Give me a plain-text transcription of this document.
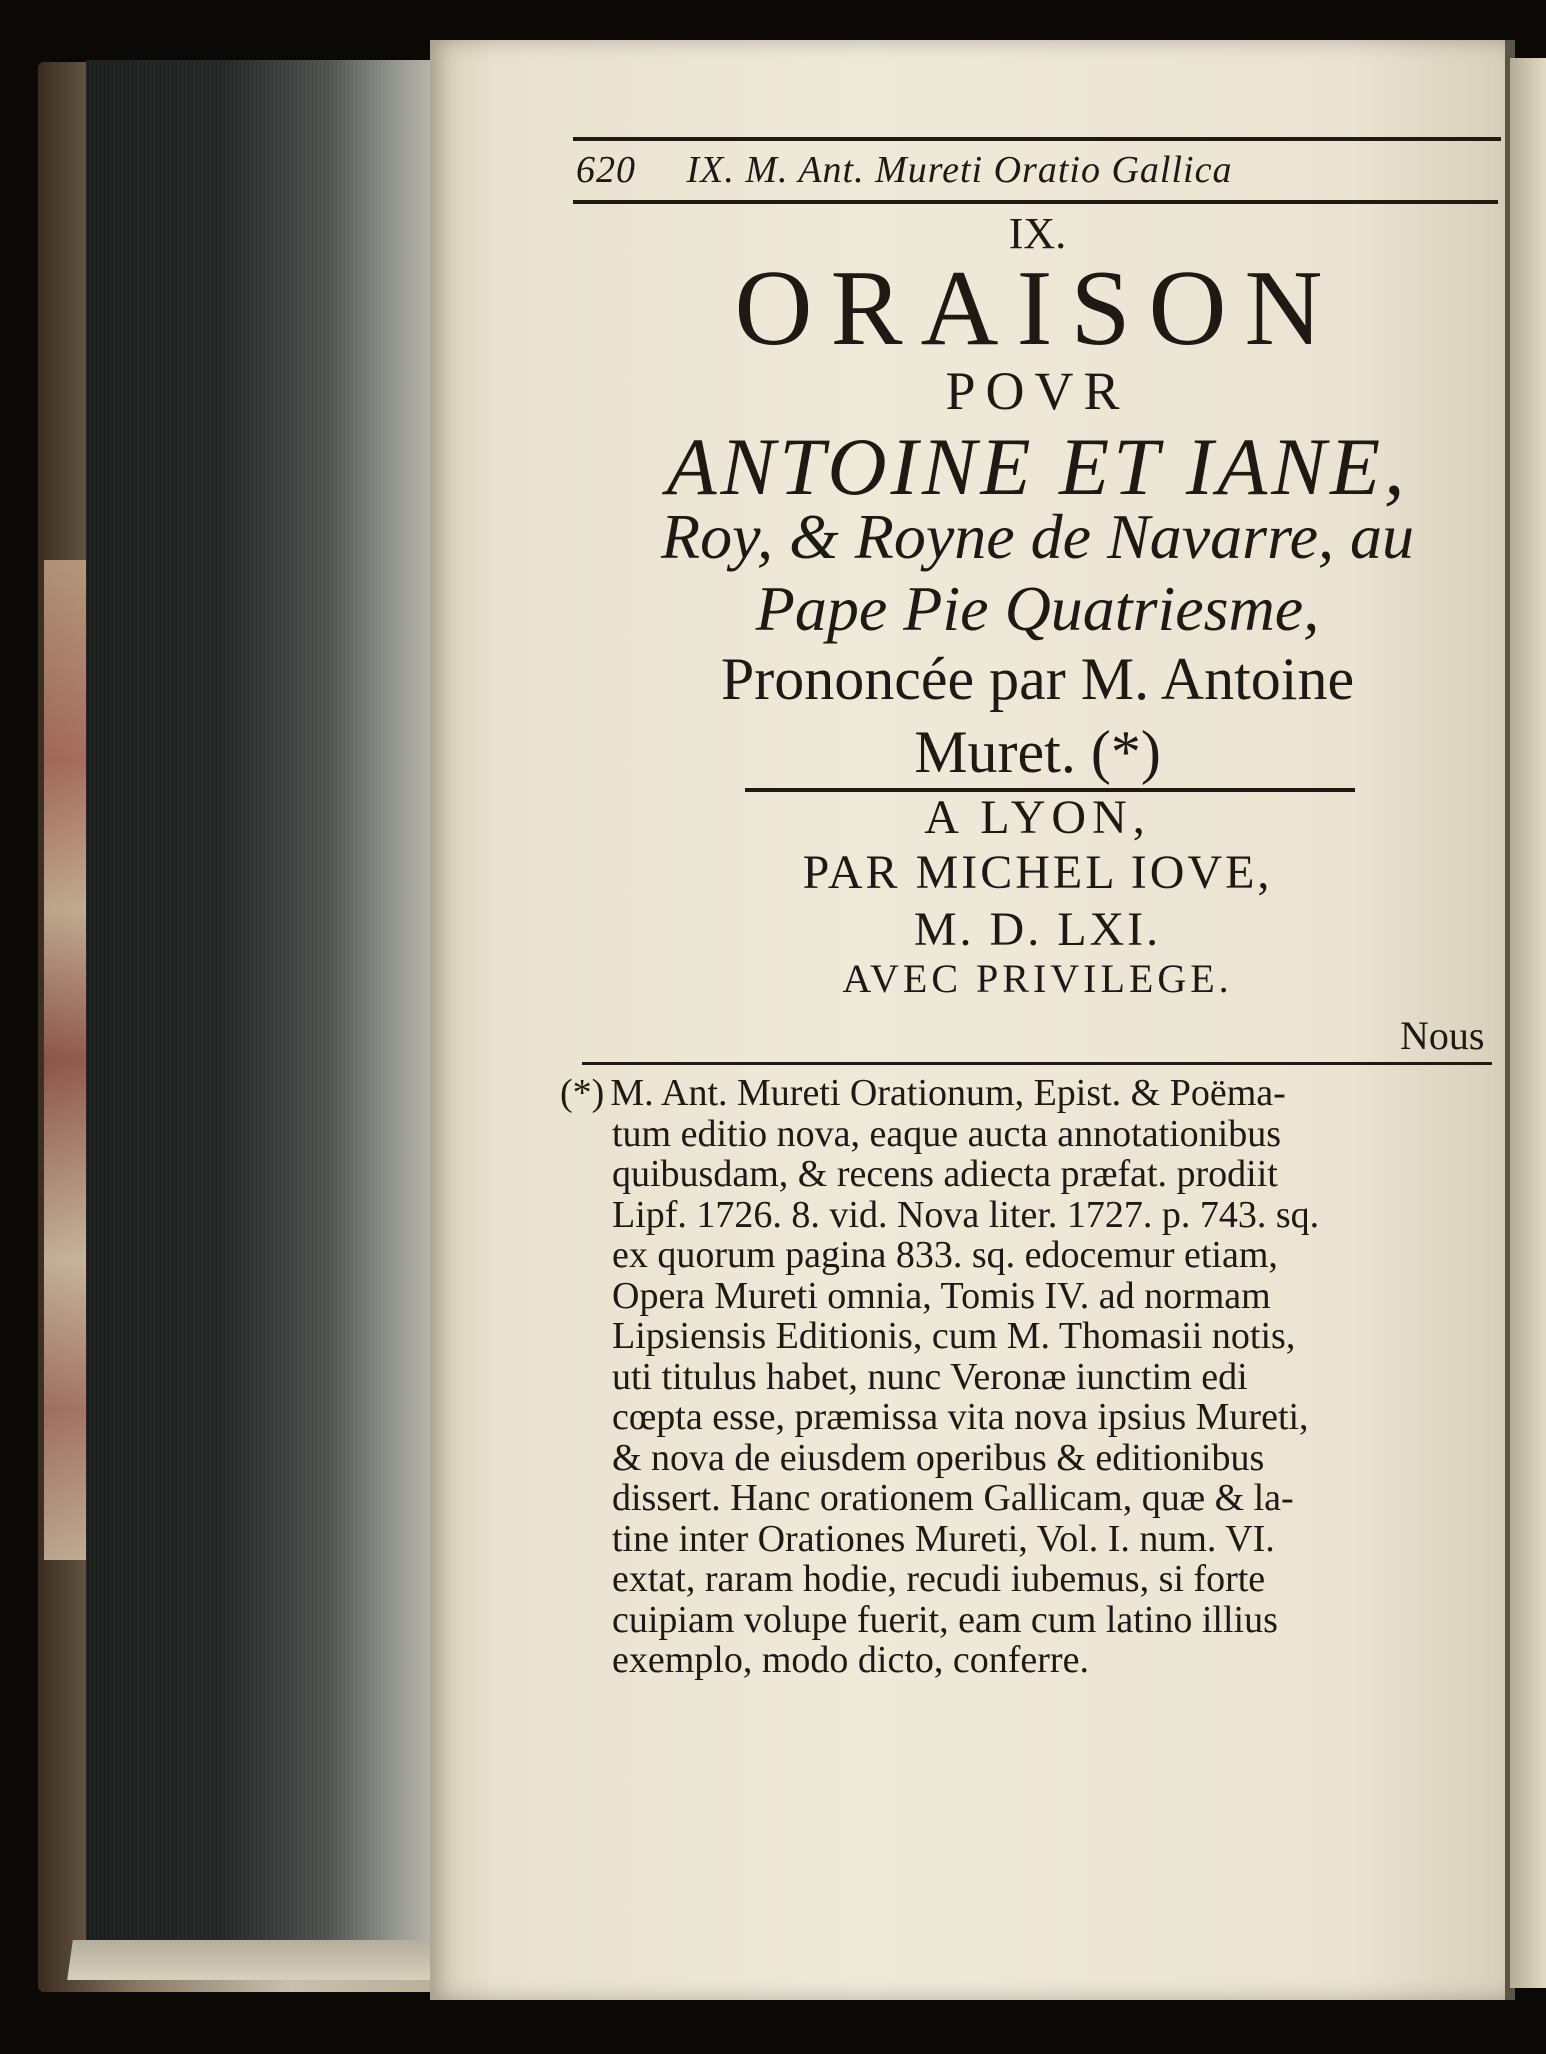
620 IX. M. Ant. Mureti Oratio Gallica
IX.
ORAISON
POVR
ANTOINE ET IANE,
Roy, & Royne de Navarre, au
Pape Pie Quatriesme,
Prononcée par M. Antoine
Muret. (*)
A LYON,
PAR MICHEL IOVE,
M. D. LXI.
AVEC PRIVILEGE.
Nous
(*) M. Ant. Mureti Orationum, Epist. & Poëma-
tum editio nova, eaque aucta annotationibus
quibusdam, & recens adiecta præfat. prodiit
Lipf. 1726. 8. vid. Nova liter. 1727. p. 743. sq.
ex quorum pagina 833. sq. edocemur etiam,
Opera Mureti omnia, Tomis IV. ad normam
Lipsiensis Editionis, cum M. Thomasii notis,
uti titulus habet, nunc Veronæ iunctim edi
cœpta esse, præmissa vita nova ipsius Mureti,
& nova de eiusdem operibus & editionibus
dissert. Hanc orationem Gallicam, quæ & la-
tine inter Orationes Mureti, Vol. I. num. VI.
extat, raram hodie, recudi iubemus, si forte
cuipiam volupe fuerit, eam cum latino illius
exemplo, modo dicto, conferre.
